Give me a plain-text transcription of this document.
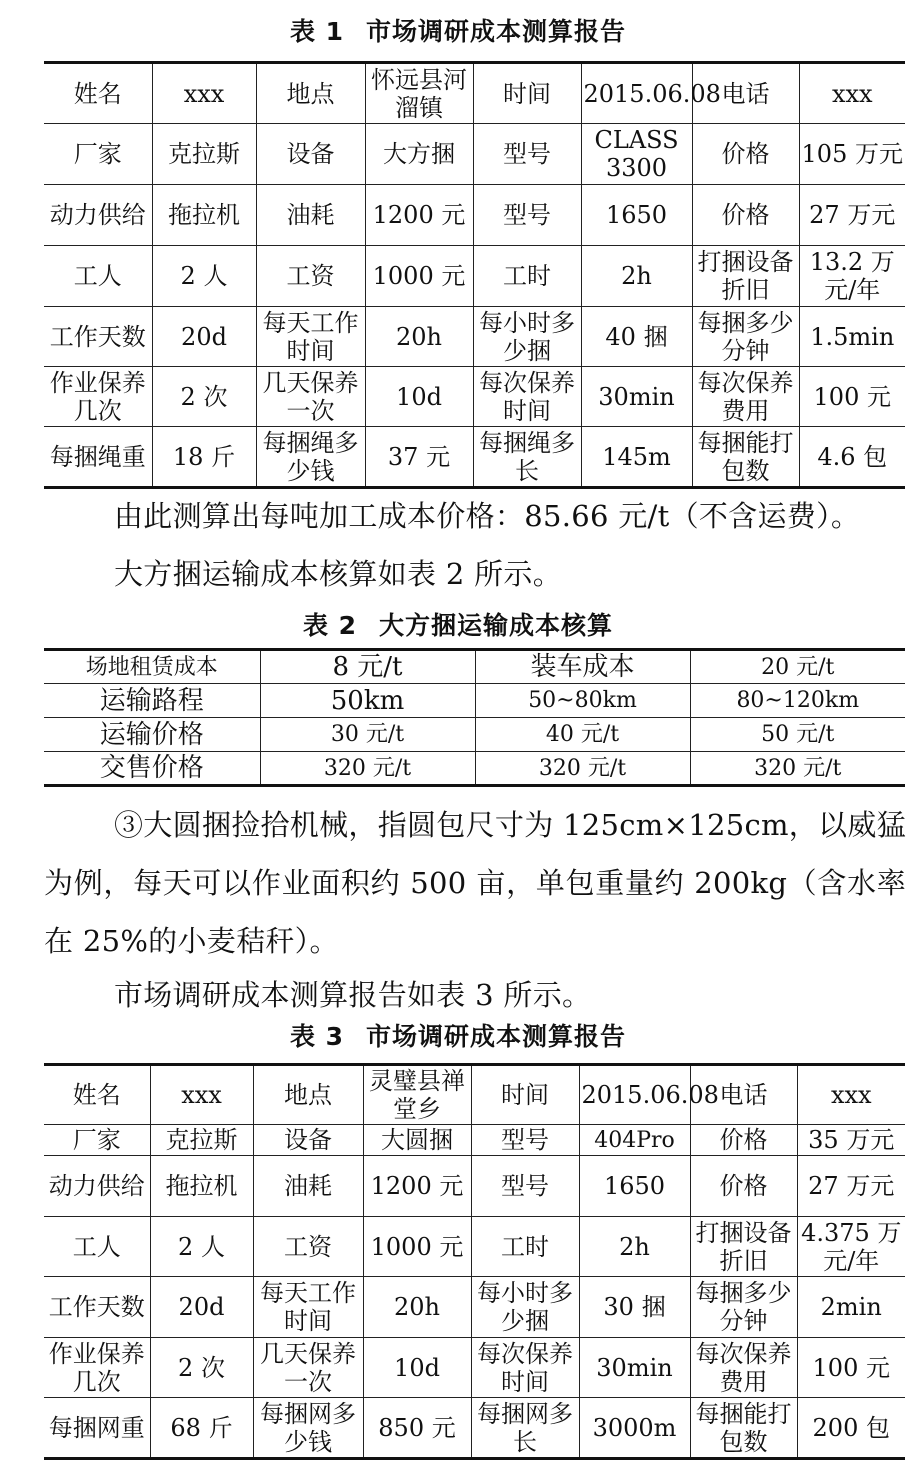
表 1 市场调研成本测算报告
姓名	xxx	地点	怀远县河溜镇	时间	2015.06.08	电话	xxx
厂家	克拉斯	设备	大方捆	型号	CLASS 3300	价格	105 万元
动力供给	拖拉机	油耗	1200 元	型号	1650	价格	27 万元
工人	2 人	工资	1000 元	工时	2h	打捆设备折旧	13.2 万元/年
工作天数	20d	每天工作时间	20h	每小时多少捆	40 捆	每捆多少分钟	1.5min
作业保养几次	2 次	几天保养一次	10d	每次保养时间	30min	每次保养费用	100 元
每捆绳重	18 斤	每捆绳多少钱	37 元	每捆绳多长	145m	每捆能打包数	4.6 包

由此测算出每吨加工成本价格：85.66 元/t（不含运费）。

大方捆运输成本核算如表 2 所示。

表 2 大方捆运输成本核算
场地租赁成本	8 元/t	装车成本	20 元/t
运输路程	50km	50~80km	80~120km
运输价格	30 元/t	40 元/t	50 元/t
交售价格	320 元/t	320 元/t	320 元/t

③大圆捆捡拾机械，指圆包尺寸为 125cm×125cm，以威猛为例，每天可以作业面积约 500 亩，单包重量约 200kg（含水率在 25%的小麦秸秆）。

市场调研成本测算报告如表 3 所示。

表 3 市场调研成本测算报告
姓名	xxx	地点	灵璧县禅堂乡	时间	2015.06.08	电话	xxx
厂家	克拉斯	设备	大圆捆	型号	404Pro	价格	35 万元
动力供给	拖拉机	油耗	1200 元	型号	1650	价格	27 万元
工人	2 人	工资	1000 元	工时	2h	打捆设备折旧	4.375 万元/年
工作天数	20d	每天工作时间	20h	每小时多少捆	30 捆	每捆多少分钟	2min
作业保养几次	2 次	几天保养一次	10d	每次保养时间	30min	每次保养费用	100 元
每捆网重	68 斤	每捆网多少钱	850 元	每捆网多长	3000m	每捆能打包数	200 包
